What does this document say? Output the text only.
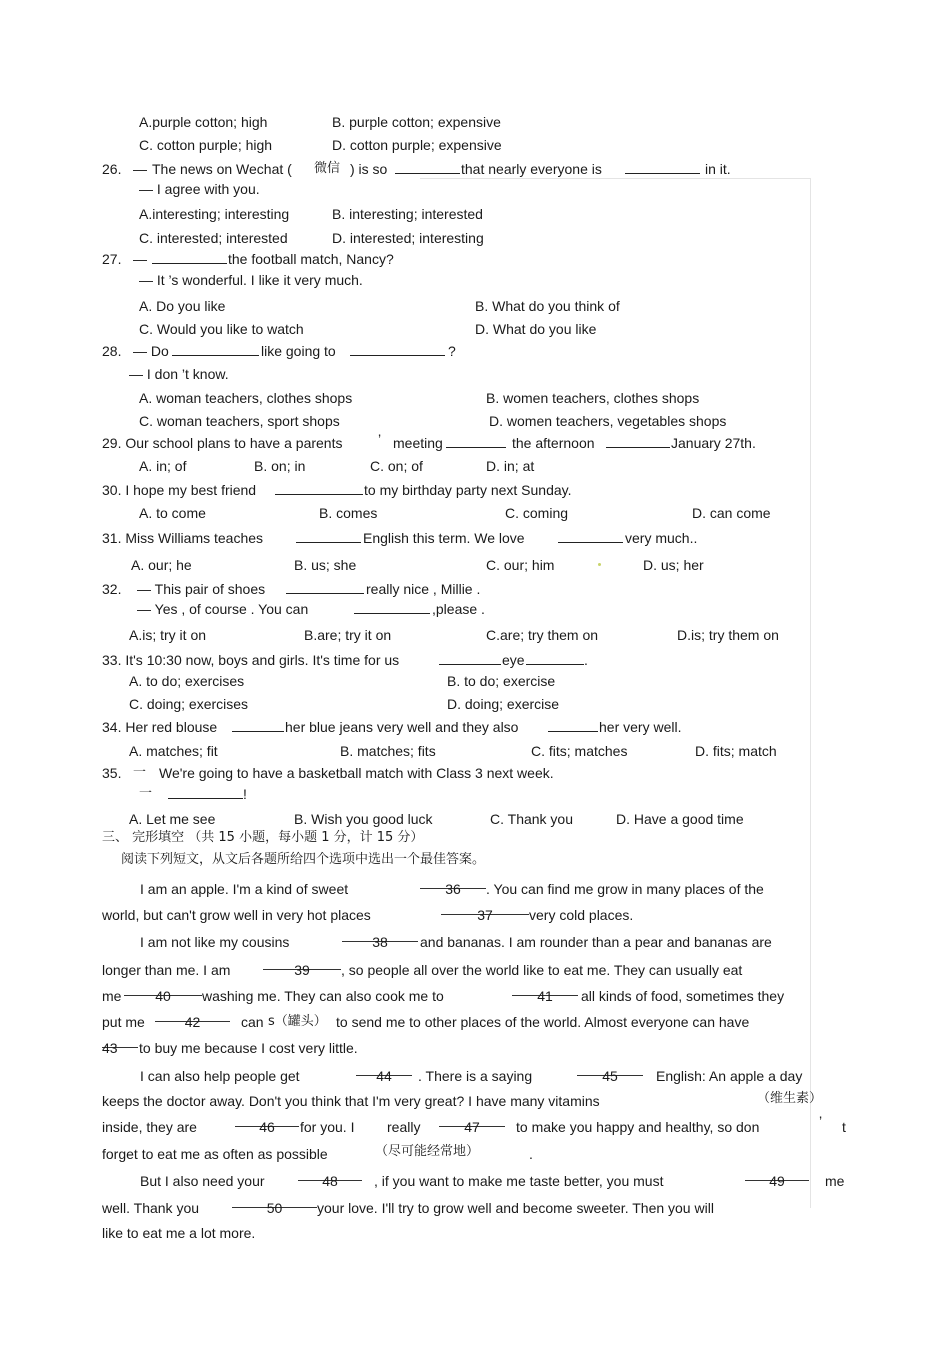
A.purple cotton; high	B. purple cotton; expensive
C. cotton purple; high	D. cotton purple; expensive
26. — The news on Wechat ( 微信 ) is so	that nearly everyone is	in it.
— I agree with you.
A.interesting; interesting	B. interesting; interested
C. interested; interested	D. interested; interesting
27. —	the football match, Nancy?
— It ’s wonderful. I like it very much.
A. Do you like	B. What do you think of
C. Would you like to watch	D. What do you like
28. — Do	like going to	?
— I don ’t know.
A. woman teachers, clothes shops	B. women teachers, clothes shops
C. woman teachers, sport shops	D. women teachers, vegetables shops
29. Our school plans to have a parents	’ meeting	the afternoon	January 27th.
A. in; of	B. on; in	C. on; of	D. in; at
30. I hope my best friend	to my birthday party next Sunday.
A. to come	B. comes	C. coming	D. can come
31. Miss Williams teaches	English this term. We love	very much..
A. our; he	B. us; she	C. our; him	D. us; her
32. — This pair of shoes	really nice , Millie .
— Yes , of course . You can	,please .
A.is; try it on	B.are; try it on	C.are; try them on	D.is; try them on
33. It's 10:30 now, boys and girls. It's time for us	eye	.
A. to do; exercises	B. to do; exercise
C. doing; exercises	D. doing; exercise
34. Her red blouse	her blue jeans very well and they also	her very well.
A. matches; fit	B. matches; fits	C. fits; matches	D. fits; match
35. 一 We're going to have a basketball match with Class 3 next week.
一	!
A. Let me see	B. Wish you good luck	C. Thank you	D. Have a good time
三、 完形填空 （共 15 小题，每小题 1 分，计 15 分）
阅读下列短文，从文后各题所给四个选项中选出一个最佳答案。
I am an apple. I'm a kind of sweet	36	. You can find me grow in many places of the
world, but can't grow well in very hot places	37	very cold places.
I am not like my cousins	38	and bananas. I am rounder than a pear and bananas are
longer than me. I am	39	, so people all over the world like to eat me. They can usually eat
me	40	washing me. They can also cook me to	41	all kinds of food, sometimes they
put me	42	can s（罐头） to send me to other places of the world. Almost everyone can have
43	to buy me because I cost very little.
I can also help people get	44	. There is a saying	45	English: An apple a day
keeps the doctor away. Don't you think that I'm very great? I have many vitamins	（维生素）
inside, they are	46	for you. I really	47	to make you happy and healthy, so don	’ t
forget to eat me as often as possible	（尽可能经常地）	.
But I also need your	48	, if you want to make me taste better, you must	49	me
well. Thank you	50	your love. I'll try to grow well and become sweeter. Then you will
like to eat me a lot more.
